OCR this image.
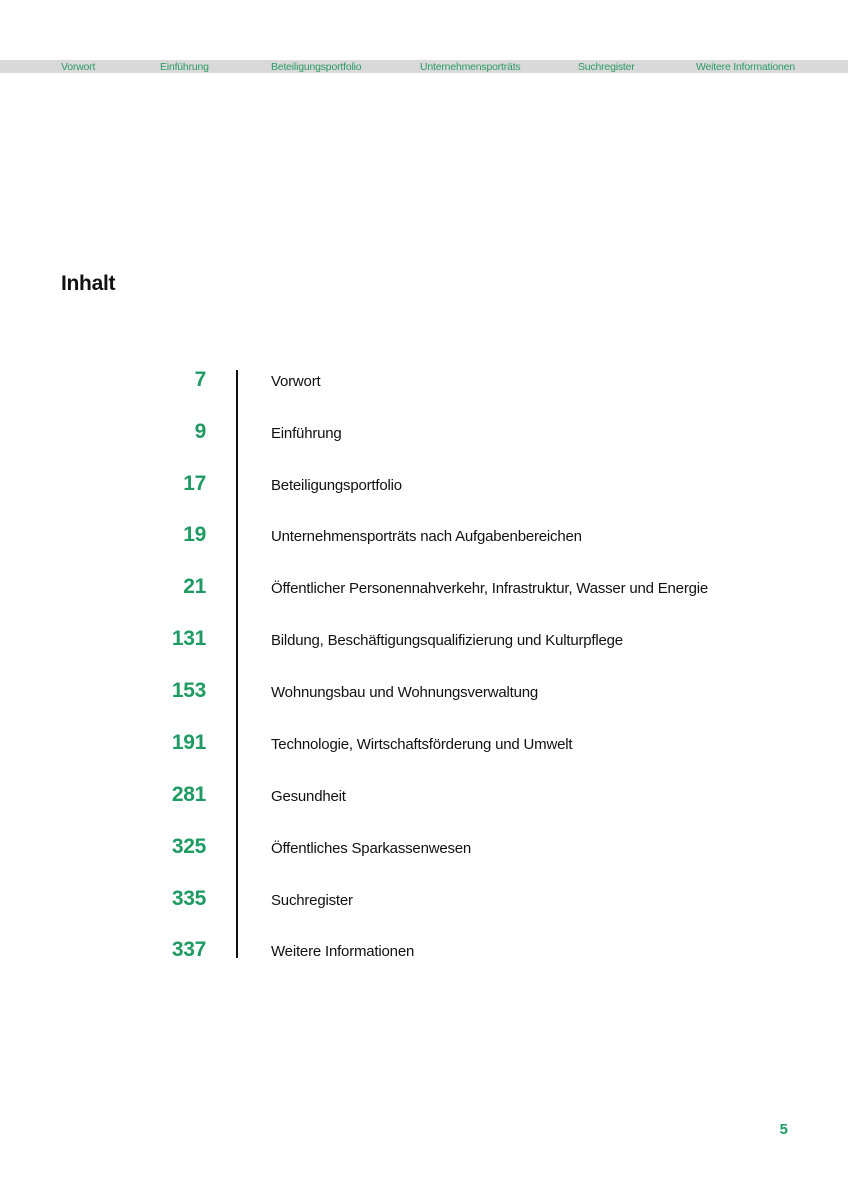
Vorwort	Einführung	Beteiligungsportfolio	Unternehmensporträts	Suchregister	Weitere Informationen
Inhalt
7	Vorwort
9	Einführung
17	Beteiligungsportfolio
19	Unternehmensporträts nach Aufgabenbereichen
21	Öffentlicher Personennahverkehr, Infrastruktur, Wasser und Energie
131	Bildung, Beschäftigungsqualifizierung und Kulturpflege
153	Wohnungsbau und Wohnungsverwaltung
191	Technologie, Wirtschaftsförderung und Umwelt
281	Gesundheit
325	Öffentliches Sparkassenwesen
335	Suchregister
337	Weitere Informationen
5
